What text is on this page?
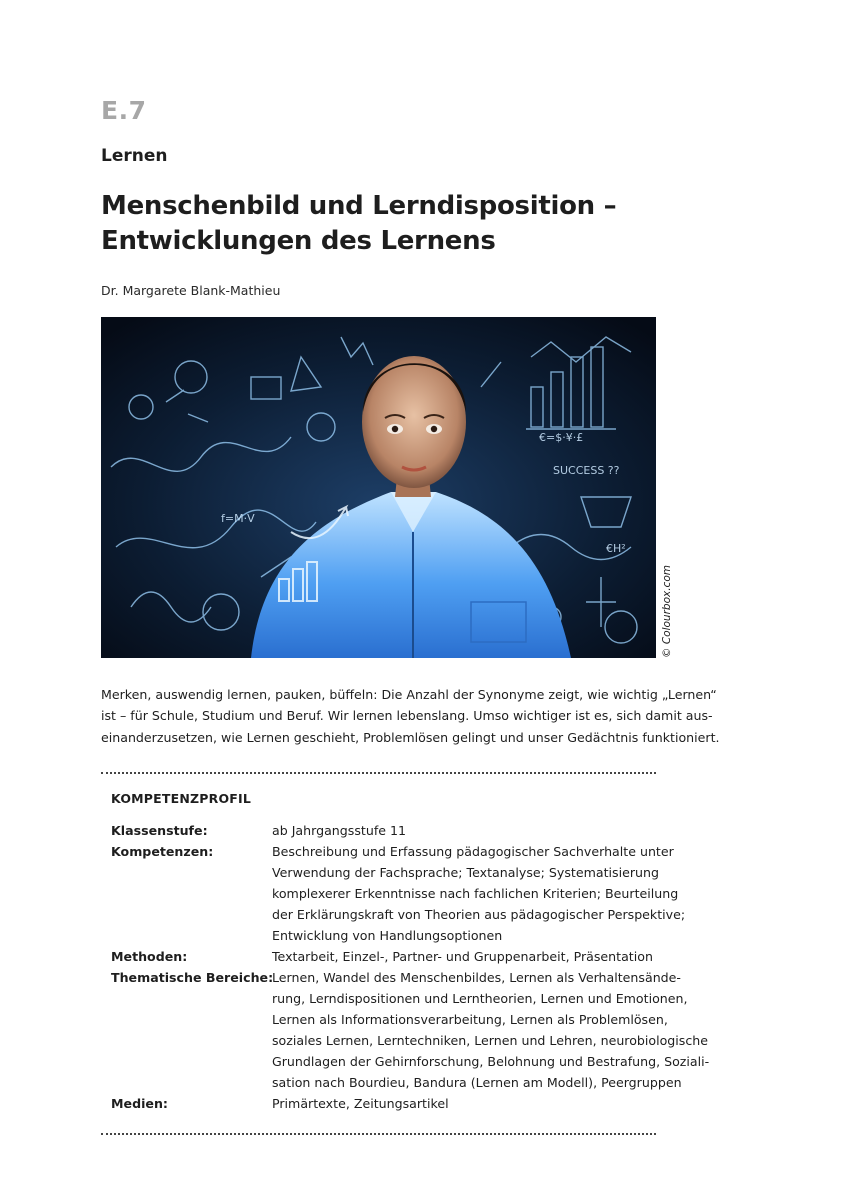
E.7
Lernen
Menschenbild und Lerndisposition –
Entwicklungen des Lernens
Dr. Margarete Blank-Mathieu
SUCCESS ??
€=$·¥·£
f=M·V
€H²
© Colourbox.com
Merken, auswendig lernen, pauken, büffeln: Die Anzahl der Synonyme zeigt, wie wichtig „Lernen“
ist – für Schule, Studium und Beruf. Wir lernen lebenslang. Umso wichtiger ist es, sich damit aus-
einanderzusetzen, wie Lernen geschieht, Problemlösen gelingt und unser Gedächtnis funktioniert.
KOMPETENZPROFIL
Klassenstufe:	ab Jahrgangsstufe 11
Kompetenzen:	Beschreibung und Erfassung pädagogischer Sachverhalte unter
Verwendung der Fachsprache; Textanalyse; Systematisierung
komplexerer Erkenntnisse nach fachlichen Kriterien; Beurteilung
der Erklärungskraft von Theorien aus pädagogischer Perspektive;
Entwicklung von Handlungsoptionen
Methoden:	Textarbeit, Einzel-, Partner- und Gruppenarbeit, Präsentation
Thematische Bereiche:
Lernen, Wandel des Menschenbildes, Lernen als Verhaltensände-
rung, Lerndispositionen und Lerntheorien, Lernen und Emotionen,
Lernen als Informationsverarbeitung, Lernen als Problemlösen,
soziales Lernen, Lerntechniken, Lernen und Lehren, neurobiologische
Grundlagen der Gehirnforschung, Belohnung und Bestrafung, Soziali-
sation nach Bourdieu, Bandura (Lernen am Modell), Peergruppen
Medien:	Primärtexte, Zeitungsartikel
